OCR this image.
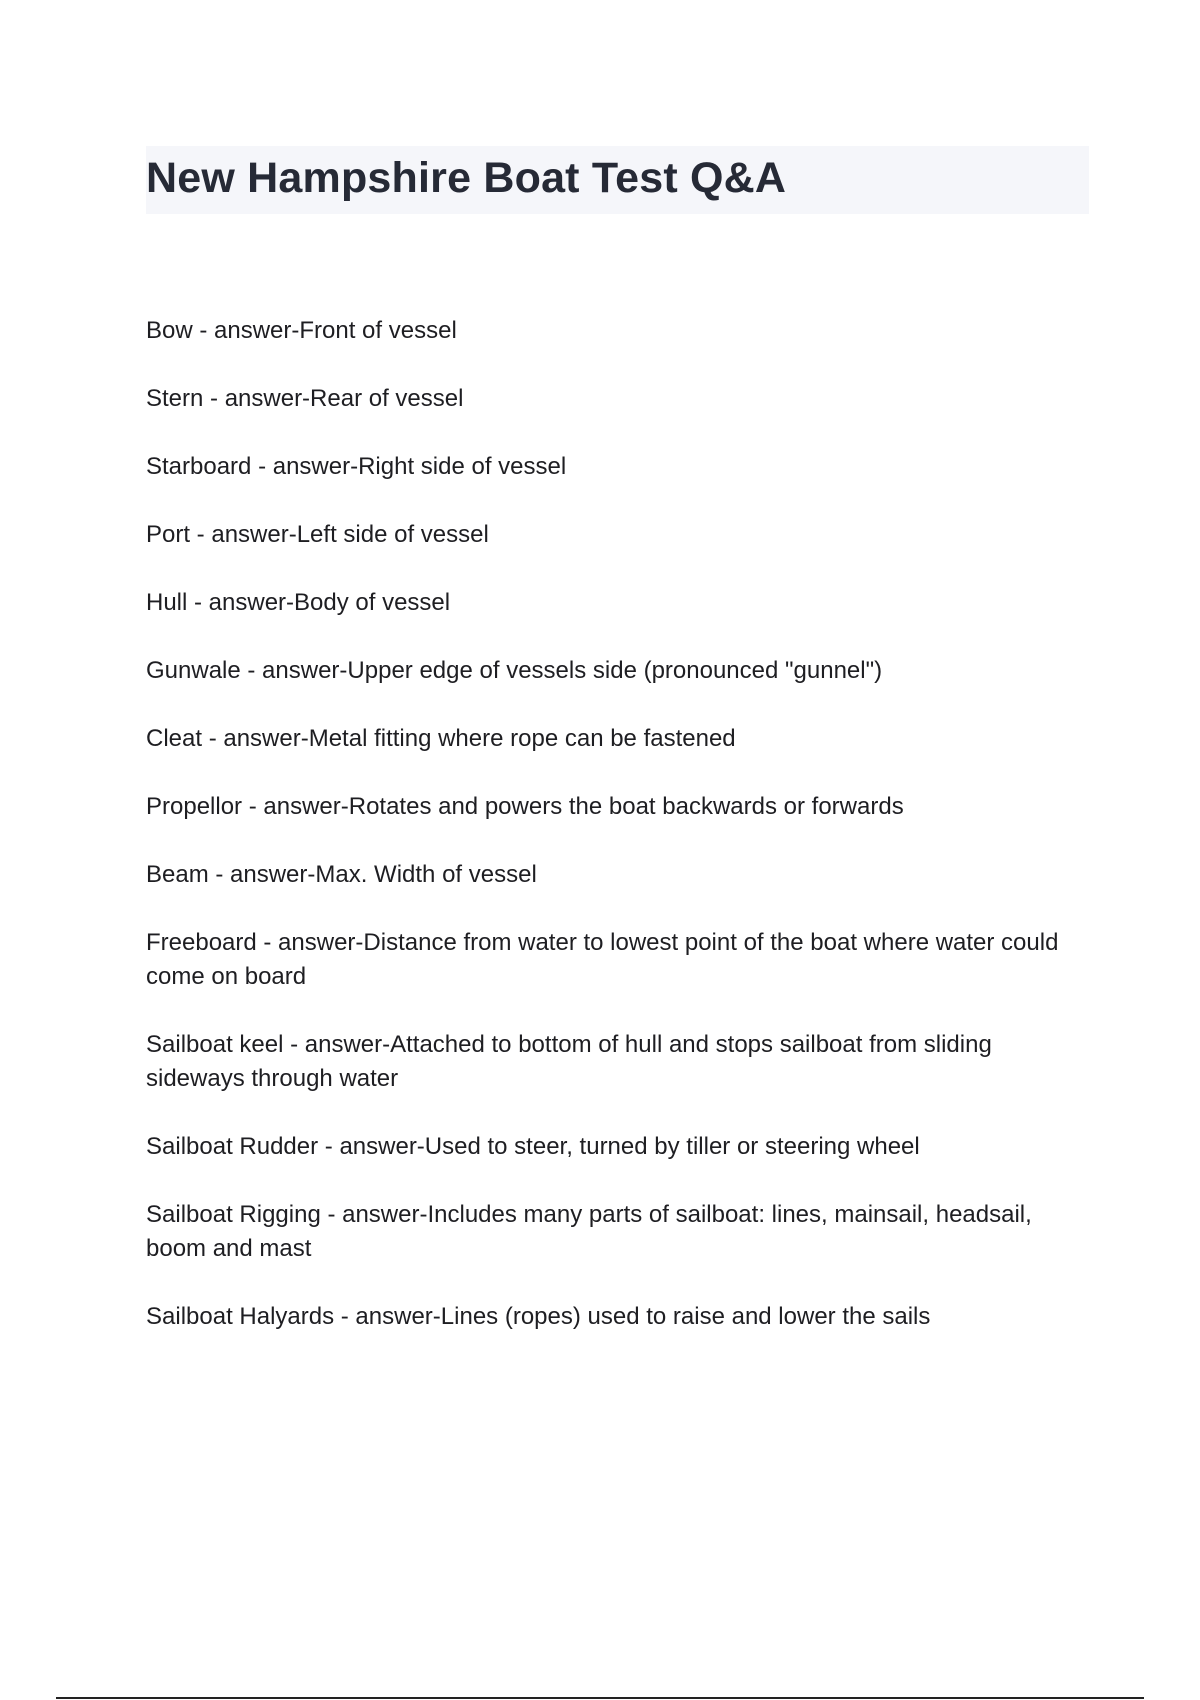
New Hampshire Boat Test Q&A
Bow - answer-Front of vessel
Stern - answer-Rear of vessel
Starboard - answer-Right side of vessel
Port - answer-Left side of vessel
Hull - answer-Body of vessel
Gunwale - answer-Upper edge of vessels side (pronounced "gunnel")
Cleat - answer-Metal fitting where rope can be fastened
Propellor - answer-Rotates and powers the boat backwards or forwards
Beam - answer-Max. Width of vessel
Freeboard - answer-Distance from water to lowest point of the boat where water could come on board
Sailboat keel - answer-Attached to bottom of hull and stops sailboat from sliding sideways through water
Sailboat Rudder - answer-Used to steer, turned by tiller or steering wheel
Sailboat Rigging - answer-Includes many parts of sailboat: lines, mainsail, headsail, boom and mast
Sailboat Halyards - answer-Lines (ropes) used to raise and lower the sails
